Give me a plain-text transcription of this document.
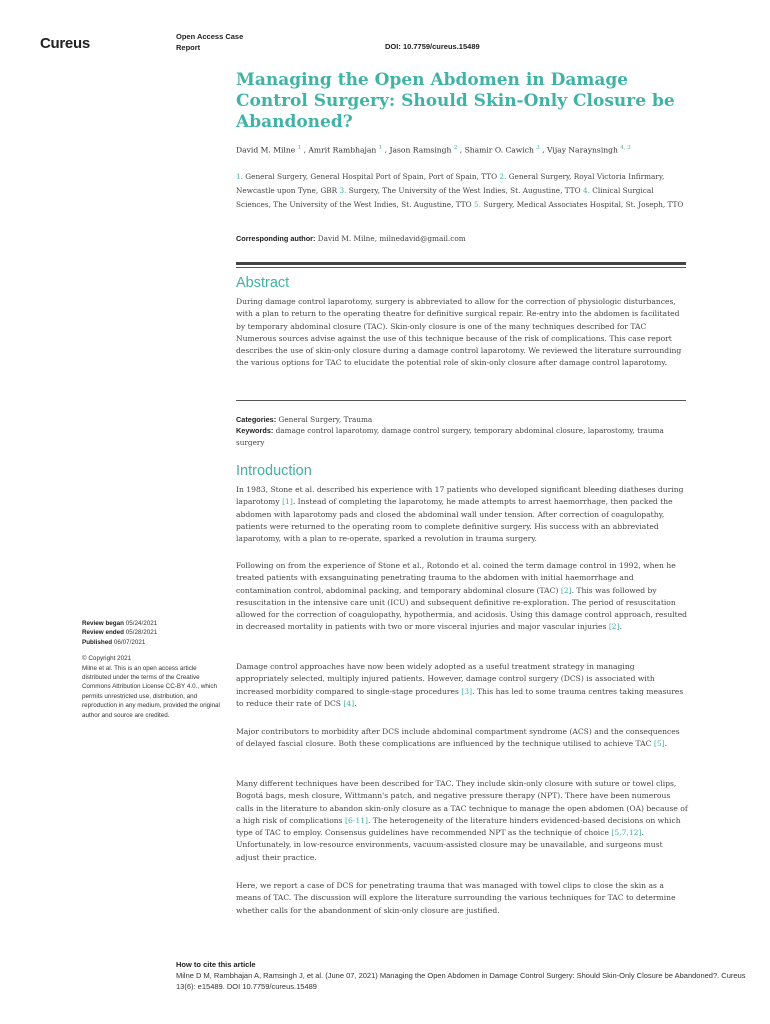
Cureus	Open Access Case Report	DOI: 10.7759/cureus.15489
Managing the Open Abdomen in Damage Control Surgery: Should Skin-Only Closure be Abandoned?
David M. Milne $^1$ , Amrit Rambhajan $^1$ , Jason Ramsingh $^2$ , Shamir O. Cawich $^3$ , Vijay Naraynsingh $^{4, 3}$
1. General Surgery, General Hospital Port of Spain, Port of Spain, TTO 2. General Surgery, Royal Victoria Infirmary, Newcastle upon Tyne, GBR 3. Surgery, The University of the West Indies, St. Augustine, TTO 4. Clinical Surgical Sciences, The University of the West Indies, St. Augustine, TTO 5. Surgery, Medical Associates Hospital, St. Joseph, TTO
Corresponding author: David M. Milne, milnedavid@gmail.com
Abstract

During damage control laparotomy, surgery is abbreviated to allow for the correction of physiologic disturbances, with a plan to return to the operating theatre for definitive surgical repair. Re-entry into the abdomen is facilitated by temporary abdominal closure (TAC). Skin-only closure is one of the many techniques described for TAC Numerous sources advise against the use of this technique because of the risk of complications. This case report describes the use of skin-only closure during a damage control laparotomy. We reviewed the literature surrounding the various options for TAC to elucidate the potential role of skin-only closure after damage control laparotomy.

Categories: General Surgery, Trauma
Keywords: damage control laparotomy, damage control surgery, temporary abdominal closure, laparostomy, trauma surgery
Introduction

In 1983, Stone et al. described his experience with 17 patients who developed significant bleeding diatheses during laparotomy [1]. Instead of completing the laparotomy, he made attempts to arrest haemorrhage, then packed the abdomen with laparotomy pads and closed the abdominal wall under tension. After correction of coagulopathy, patients were returned to the operating room to complete definitive surgery. His success with an abbreviated laparotomy, with a plan to re-operate, sparked a revolution in trauma surgery.

Following on from the experience of Stone et al., Rotondo et al. coined the term damage control in 1992, when he treated patients with exsanguinating penetrating trauma to the abdomen with initial haemorrhage and contamination control, abdominal packing, and temporary abdominal closure (TAC) [2]. This was followed by resuscitation in the intensive care unit (ICU) and subsequent definitive re-exploration. The period of resuscitation allowed for the correction of coagulopathy, hypothermia, and acidosis. Using this damage control approach, resulted in decreased mortality in patients with two or more visceral injuries and major vascular injuries [2].

Damage control approaches have now been widely adopted as a useful treatment strategy in managing appropriately selected, multiply injured patients. However, damage control surgery (DCS) is associated with increased morbidity compared to single-stage procedures [3]. This has led to some trauma centres taking measures to reduce their rate of DCS [4].

Major contributors to morbidity after DCS include abdominal compartment syndrome (ACS) and the consequences of delayed fascial closure. Both these complications are influenced by the technique utilised to achieve TAC [5].

Many different techniques have been described for TAC. They include skin-only closure with suture or towel clips, Bogotá bags, mesh closure, Wittmann's patch, and negative pressure therapy (NPT). There have been numerous calls in the literature to abandon skin-only closure as a TAC technique to manage the open abdomen (OA) because of a high risk of complications [6-11]. The heterogeneity of the literature hinders evidenced-based decisions on which type of TAC to employ. Consensus guidelines have recommended NPT as the technique of choice [5,7,12]. Unfortunately, in low-resource environments, vacuum-assisted closure may be unavailable, and surgeons must adjust their practice.

Here, we report a case of DCS for penetrating trauma that was managed with towel clips to close the skin as a means of TAC. The discussion will explore the literature surrounding the various techniques for TAC to determine whether calls for the abandonment of skin-only closure are justified.

Review began 05/24/2021
Review ended 05/28/2021
Published 06/07/2021
© Copyright 2021
Milne et al. This is an open access article distributed under the terms of the Creative Commons Attribution License CC-BY 4.0., which permits unrestricted use, distribution, and reproduction in any medium, provided the original author and source are credited.
How to cite this article
Milne D M, Rambhajan A, Ramsingh J, et al. (June 07, 2021) Managing the Open Abdomen in Damage Control Surgery: Should Skin-Only Closure be Abandoned?. Cureus 13(6): e15489. DOI 10.7759/cureus.15489
